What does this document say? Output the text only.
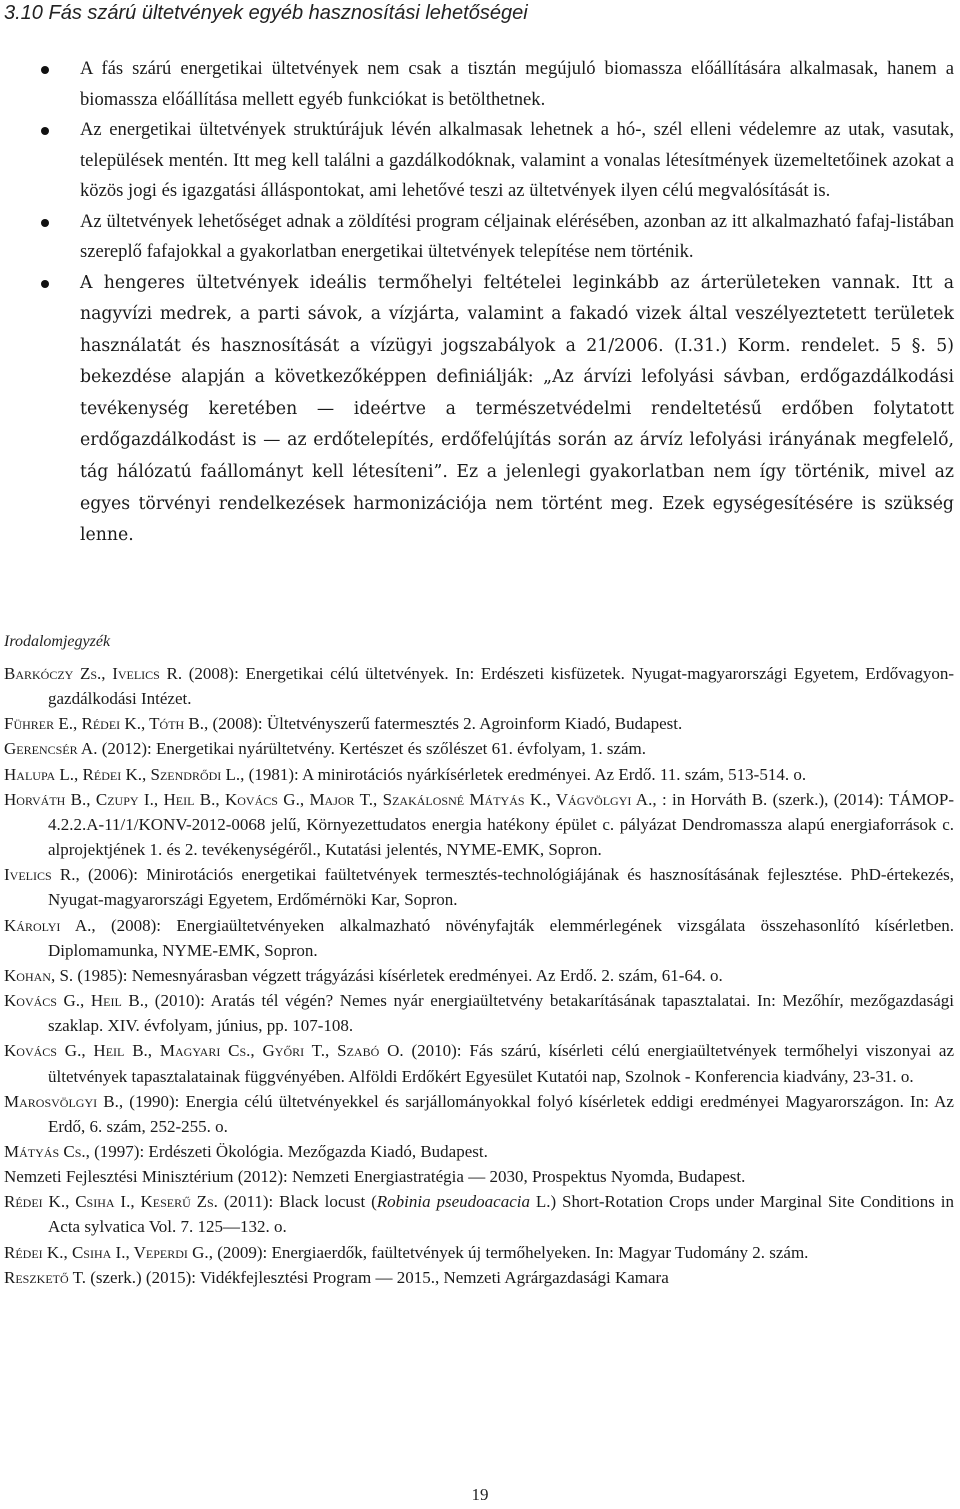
3.10 Fás szárú ültetvények egyéb hasznosítási lehetőségei
A fás szárú energetikai ültetvények nem csak a tisztán megújuló biomassza előállítására alkalmasak, hanem a biomassza előállítása mellett egyéb funkciókat is betölthetnek.
Az energetikai ültetvények struktúrájuk lévén alkalmasak lehetnek a hó-, szél elleni védelemre az utak, vasutak, települések mentén. Itt meg kell találni a gazdálkodóknak, valamint a vonalas létesítmények üzemeltetőinek azokat a közös jogi és igazgatási álláspontokat, ami lehetővé teszi az ültetvények ilyen célú megvalósítását is.
Az ültetvények lehetőséget adnak a zöldítési program céljainak elérésében, azonban az itt alkalmazható fafaj-listában szereplő fafajokkal a gyakorlatban energetikai ültetvények telepítése nem történik.
A hengeres ültetvények ideális termőhelyi feltételei leginkább az árterületeken vannak. Itt a nagyvízi medrek, a parti sávok, a vízjárta, valamint a fakadó vizek által veszélyeztetett területek használatát és hasznosítását a vízügyi jogszabályok a 21/2006. (I.31.) Korm. rendelet. 5 §. 5) bekezdése alapján a következőképpen definiálják: „Az árvízi lefolyási sávban, erdőgazdálkodási tevékenység keretében — ideértve a természetvédelmi rendeltetésű erdőben folytatott erdőgazdálkodást is — az erdőtelepítés, erdőfelújítás során az árvíz lefolyási irányának megfelelő, tág hálózatú faállományt kell létesíteni”. Ez a jelenlegi gyakorlatban nem így történik, mivel az egyes törvényi rendelkezések harmonizációja nem történt meg. Ezek egységesítésére is szükség lenne.
Irodalomjegyzék
Barkóczy Zs., Ivelics R. (2008): Energetikai célú ültetvények. In: Erdészeti kisfüzetek. Nyugat-magyarországi Egyetem, Erdővagyon-gazdálkodási Intézet.
Führer E., Rédei K., Tóth B., (2008): Ültetvényszerű fatermesztés 2. Agroinform Kiadó, Budapest.
Gerencsér A. (2012): Energetikai nyárültetvény. Kertészet és szőlészet 61. évfolyam, 1. szám.
Halupa L., Rédei K., Szendrődi L., (1981): A minirotációs nyárkísérletek eredményei. Az Erdő. 11. szám, 513-514. o.
Horváth B., Czupy I., Heil B., Kovács G., Major T., Szakálosné Mátyás K., Vágvölgyi A., : in Horváth B. (szerk.), (2014): TÁMOP-4.2.2.A-11/1/KONV-2012-0068 jelű, Környezettudatos energia hatékony épület c. pályázat Dendromassza alapú energiaforrások c. alprojektjének 1. és 2. tevékenységéről., Kutatási jelentés, NYME-EMK, Sopron.
Ivelics R., (2006): Minirotációs energetikai faültetvények termesztés-technológiájának és hasznosításának fejlesztése. PhD-értekezés, Nyugat-magyarországi Egyetem, Erdőmérnöki Kar, Sopron.
Károlyi A., (2008): Energiaültetvényeken alkalmazható növényfajták elemmérlegének vizsgálata összehasonlító kísérletben. Diplomamunka, NYME-EMK, Sopron.
Kohan, S. (1985): Nemesnyárasban végzett trágyázási kísérletek eredményei. Az Erdő. 2. szám, 61-64. o.
Kovács G., Heil B., (2010): Aratás tél végén? Nemes nyár energiaültetvény betakarításának tapasztalatai. In: Mezőhír, mezőgazdasági szaklap. XIV. évfolyam, június, pp. 107-108.
Kovács G., Heil B., Magyari Cs., Győri T., Szabó O. (2010): Fás szárú, kísérleti célú energiaültetvények termőhelyi viszonyai az ültetvények tapasztalatainak függvényében. Alföldi Erdőkért Egyesület Kutatói nap, Szolnok - Konferencia kiadvány, 23-31. o.
Marosvölgyi B., (1990): Energia célú ültetvényekkel és sarjállományokkal folyó kísérletek eddigi eredményei Magyarországon. In: Az Erdő, 6. szám, 252-255. o.
Mátyás Cs., (1997): Erdészeti Ökológia. Mezőgazda Kiadó, Budapest.
Nemzeti Fejlesztési Minisztérium (2012): Nemzeti Energiastratégia — 2030, Prospektus Nyomda, Budapest.
Rédei K., Csiha I., Keserű Zs. (2011): Black locust (Robinia pseudoacacia L.) Short-Rotation Crops under Marginal Site Conditions in Acta sylvatica Vol. 7. 125—132. o.
Rédei K., Csiha I., Veperdi G., (2009): Energiaerdők, faültetvények új termőhelyeken. In: Magyar Tudomány 2. szám.
Reszkető T. (szerk.) (2015): Vidékfejlesztési Program — 2015., Nemzeti Agrárgazdasági Kamara
19
